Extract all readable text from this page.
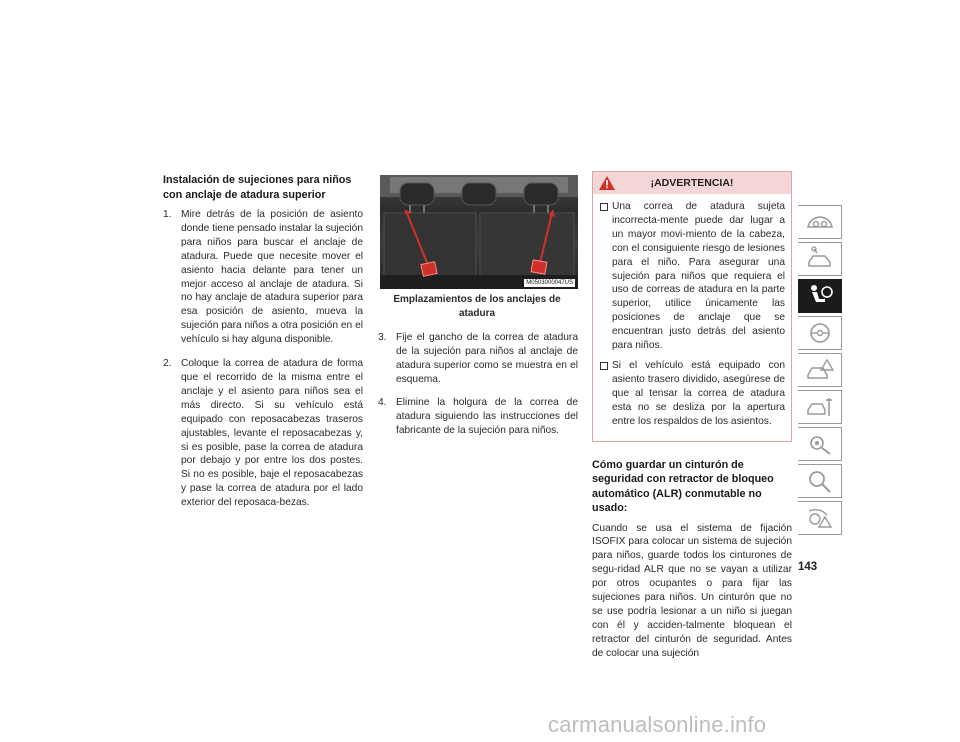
Instalación de sujeciones para niños con anclaje de atadura superior
1. Mire detrás de la posición de asiento donde tiene pensado instalar la sujeción para niños para buscar el anclaje de atadura. Puede que necesite mover el asiento hacia delante para tener un mejor acceso al anclaje de atadura. Si no hay anclaje de atadura superior para esa posición de asiento, mueva la sujeción para niños a otra posición en el vehículo si hay alguna disponible.
2. Coloque la correa de atadura de forma que el recorrido de la misma entre el anclaje y el asiento para niños sea el más directo. Si su vehículo está equipado con reposacabezas traseros ajustables, levante el reposacabezas y, si es posible, pase la correa de atadura por debajo y por entre los dos postes. Si no es posible, baje el reposacabezas y pase la correa de atadura por el lado exterior del reposaca-bezas.
M0503000047US
Emplazamientos de los anclajes de atadura
3. Fije el gancho de la correa de atadura de la sujeción para niños al anclaje de atadura superior como se muestra en el esquema.
4. Elimine la holgura de la correa de atadura siguiendo las instrucciones del fabricante de la sujeción para niños.
¡ADVERTENCIA!
Una correa de atadura sujeta incorrecta-mente puede dar lugar a un mayor movi-miento de la cabeza, con el consiguiente riesgo de lesiones para el niño. Para asegurar una sujeción para niños que requiera el uso de correas de atadura en la parte superior, utilice únicamente las posiciones de anclaje que se encuentran justo detrás del asiento para niños.
Si el vehículo está equipado con asiento trasero dividido, asegúrese de que al tensar la correa de atadura esta no se desliza por la apertura entre los respaldos de los asientos.
Cómo guardar un cinturón de seguridad con retractor de bloqueo automático (ALR) conmutable no usado:

Cuando se usa el sistema de fijación ISOFIX para colocar un sistema de sujeción para niños, guarde todos los cinturones de segu-ridad ALR que no se vayan a utilizar por otros ocupantes o para fijar las sujeciones para niños. Un cinturón que no se use podría lesionar a un niño si juegan con él y acciden-talmente bloquean el retractor del cinturón de seguridad. Antes de colocar una sujeción

143
carmanualsonline.info
